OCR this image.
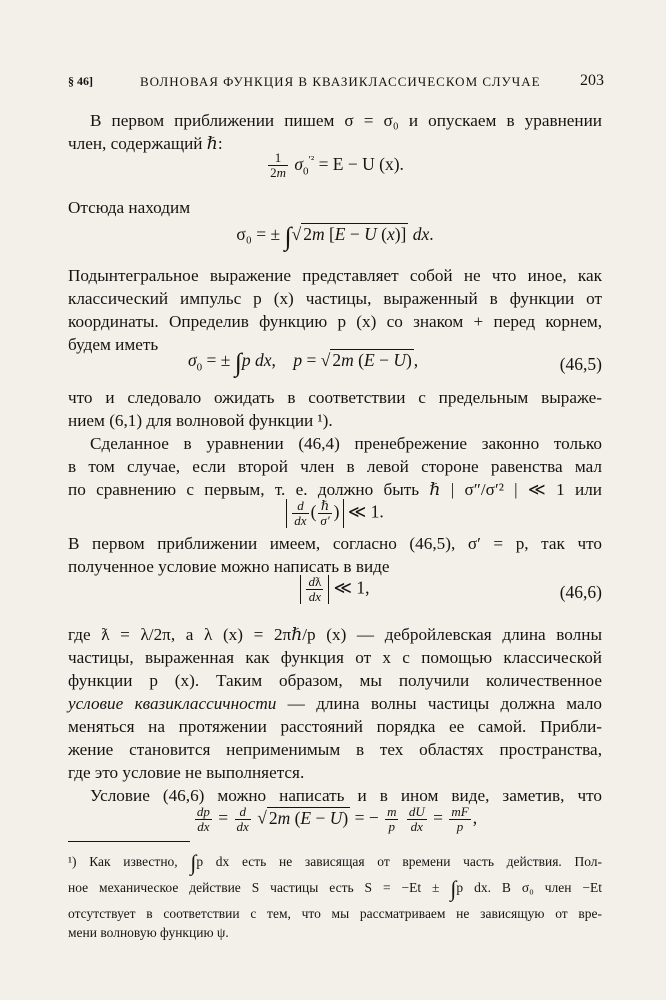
§ 46]	ВОЛНОВАЯ ФУНКЦИЯ В КВАЗИКЛАССИЧЕСКОМ СЛУЧАЕ 203
В первом приближении пишем σ = σ₀ и опускаем в уравнении
член, содержащий ℏ:
$\frac{1}{2m} \sigma_0^{'^2} = E - U$ (x).
Отсюда находим
σ₀ = ± ∫√ 2m [E − U (x)] dx.
Подынтегральное выражение представляет собой не что иное, как
классический импульс p (x) частицы, выраженный в функции от
координаты. Определив функцию p (x) со знаком + перед корнем,
будем иметь
$\sigma_0$ = ± ∫p dx,    p = √ 2m (E − U) ,	(46,5)
что и следовало ожидать в соответствии с предельным выраже-
нием (6,1) для волновой функции ¹).
Сделанное в уравнении (46,4) пренебрежение законно только
в том случае, если второй член в левой стороне равенства мал
по сравнению с первым, т. е. должно быть ℏ | σ″/σ′² | ≪ 1 или
$\frac{d}{dx}$ ( $\frac{\text{ℏ}}{\sigma'}$ ) ≪ 1.
В первом приближении имеем, согласно (46,5), σ′ = p, так что
полученное условие можно написать в виде
$\frac{dƛ}{dx}$ ≪ 1,	(46,6)
где ƛ = λ/2π, а λ (x) = 2πℏ/p (x) — дебройлевская длина волны
частицы, выраженная как функция от x с помощью классической
функции p (x). Таким образом, мы получили количественное
условие квазиклассичности — длина волны частицы должна мало
меняться на протяжении расстояний порядка ее самой. Прибли-
жение становится неприменимым в тех областях пространства,
где это условие не выполняется.
Условие (46,6) можно написать и в ином виде, заметив, что
$\frac{dp}{dx} = \frac{d}{dx}$ √ 2m (E − U) = − $\frac{m}{p}$
$\frac{dU}{dx} = \frac{mF}{p}$ ,
¹) Как известно, ∫p dx есть не зависящая от времени часть действия. Пол-
ное механическое действие S частицы есть S = −Et ± ∫p dx. В σ₀ член −Et
отсутствует в соответствии с тем, что мы рассматриваем не зависящую от вре-
мени волновую функцию ψ.
